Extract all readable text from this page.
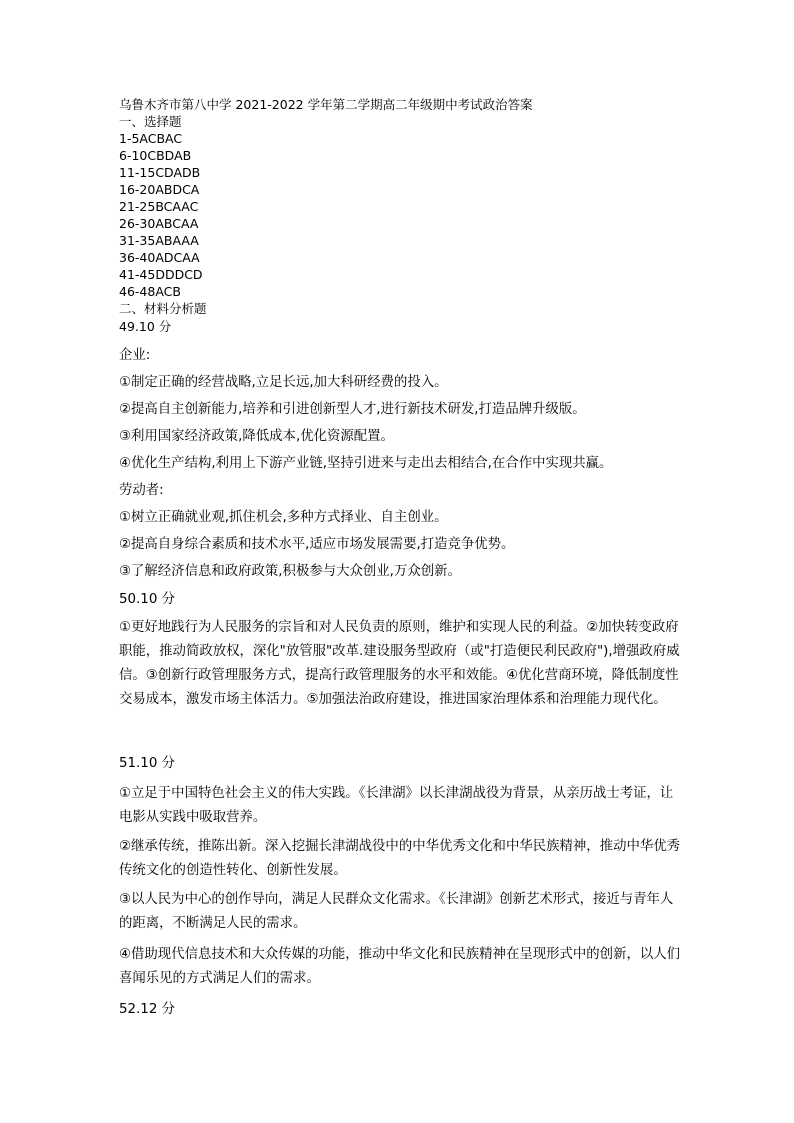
乌鲁木齐市第八中学 2021-2022 学年第二学期高二年级期中考试政治答案
一、选择题
1-5ACBAC
6-10CBDAB
11-15CDADB
16-20ABDCA
21-25BCAAC
26-30ABCAA
31-35ABAAA
36-40ADCAA
41-45DDDCD
46-48ACB
二、材料分析题
49.10 分
企业:
①制定正确的经营战略,立足长远,加大科研经费的投入。
②提高自主创新能力,培养和引进创新型人才,进行新技术研发,打造品牌升级版。
③利用国家经济政策,降低成本,优化资源配置。
④优化生产结构,利用上下游产业链,坚持引进来与走出去相结合,在合作中实现共赢。
劳动者:
①树立正确就业观,抓住机会,多种方式择业、自主创业。
②提高自身综合素质和技术水平,适应市场发展需要,打造竞争优势。
③了解经济信息和政府政策,积极参与大众创业,万众创新。
50.10 分
①更好地践行为人民服务的宗旨和对人民负责的原则，维护和实现人民的利益。②加快转变政府职能，推动简政放权，深化"放管服"改革.建设服务型政府（或"打造便民利民政府"),增强政府威信。③创新行政管理服务方式，提高行政管理服务的水平和效能。④优化营商环境，降低制度性交易成本，激发市场主体活力。⑤加强法治政府建设，推进国家治理体系和治理能力现代化。
51.10 分
①立足于中国特色社会主义的伟大实践。《长津湖》以长津湖战役为背景，从亲历战士考证，让电影从实践中吸取营养。
②继承传统，推陈出新。深入挖掘长津湖战役中的中华优秀文化和中华民族精神，推动中华优秀传统文化的创造性转化、创新性发展。
③以人民为中心的创作导向，满足人民群众文化需求。《长津湖》创新艺术形式，接近与青年人的距离，不断满足人民的需求。
④借助现代信息技术和大众传媒的功能，推动中华文化和民族精神在呈现形式中的创新，以人们喜闻乐见的方式满足人们的需求。
52.12 分
